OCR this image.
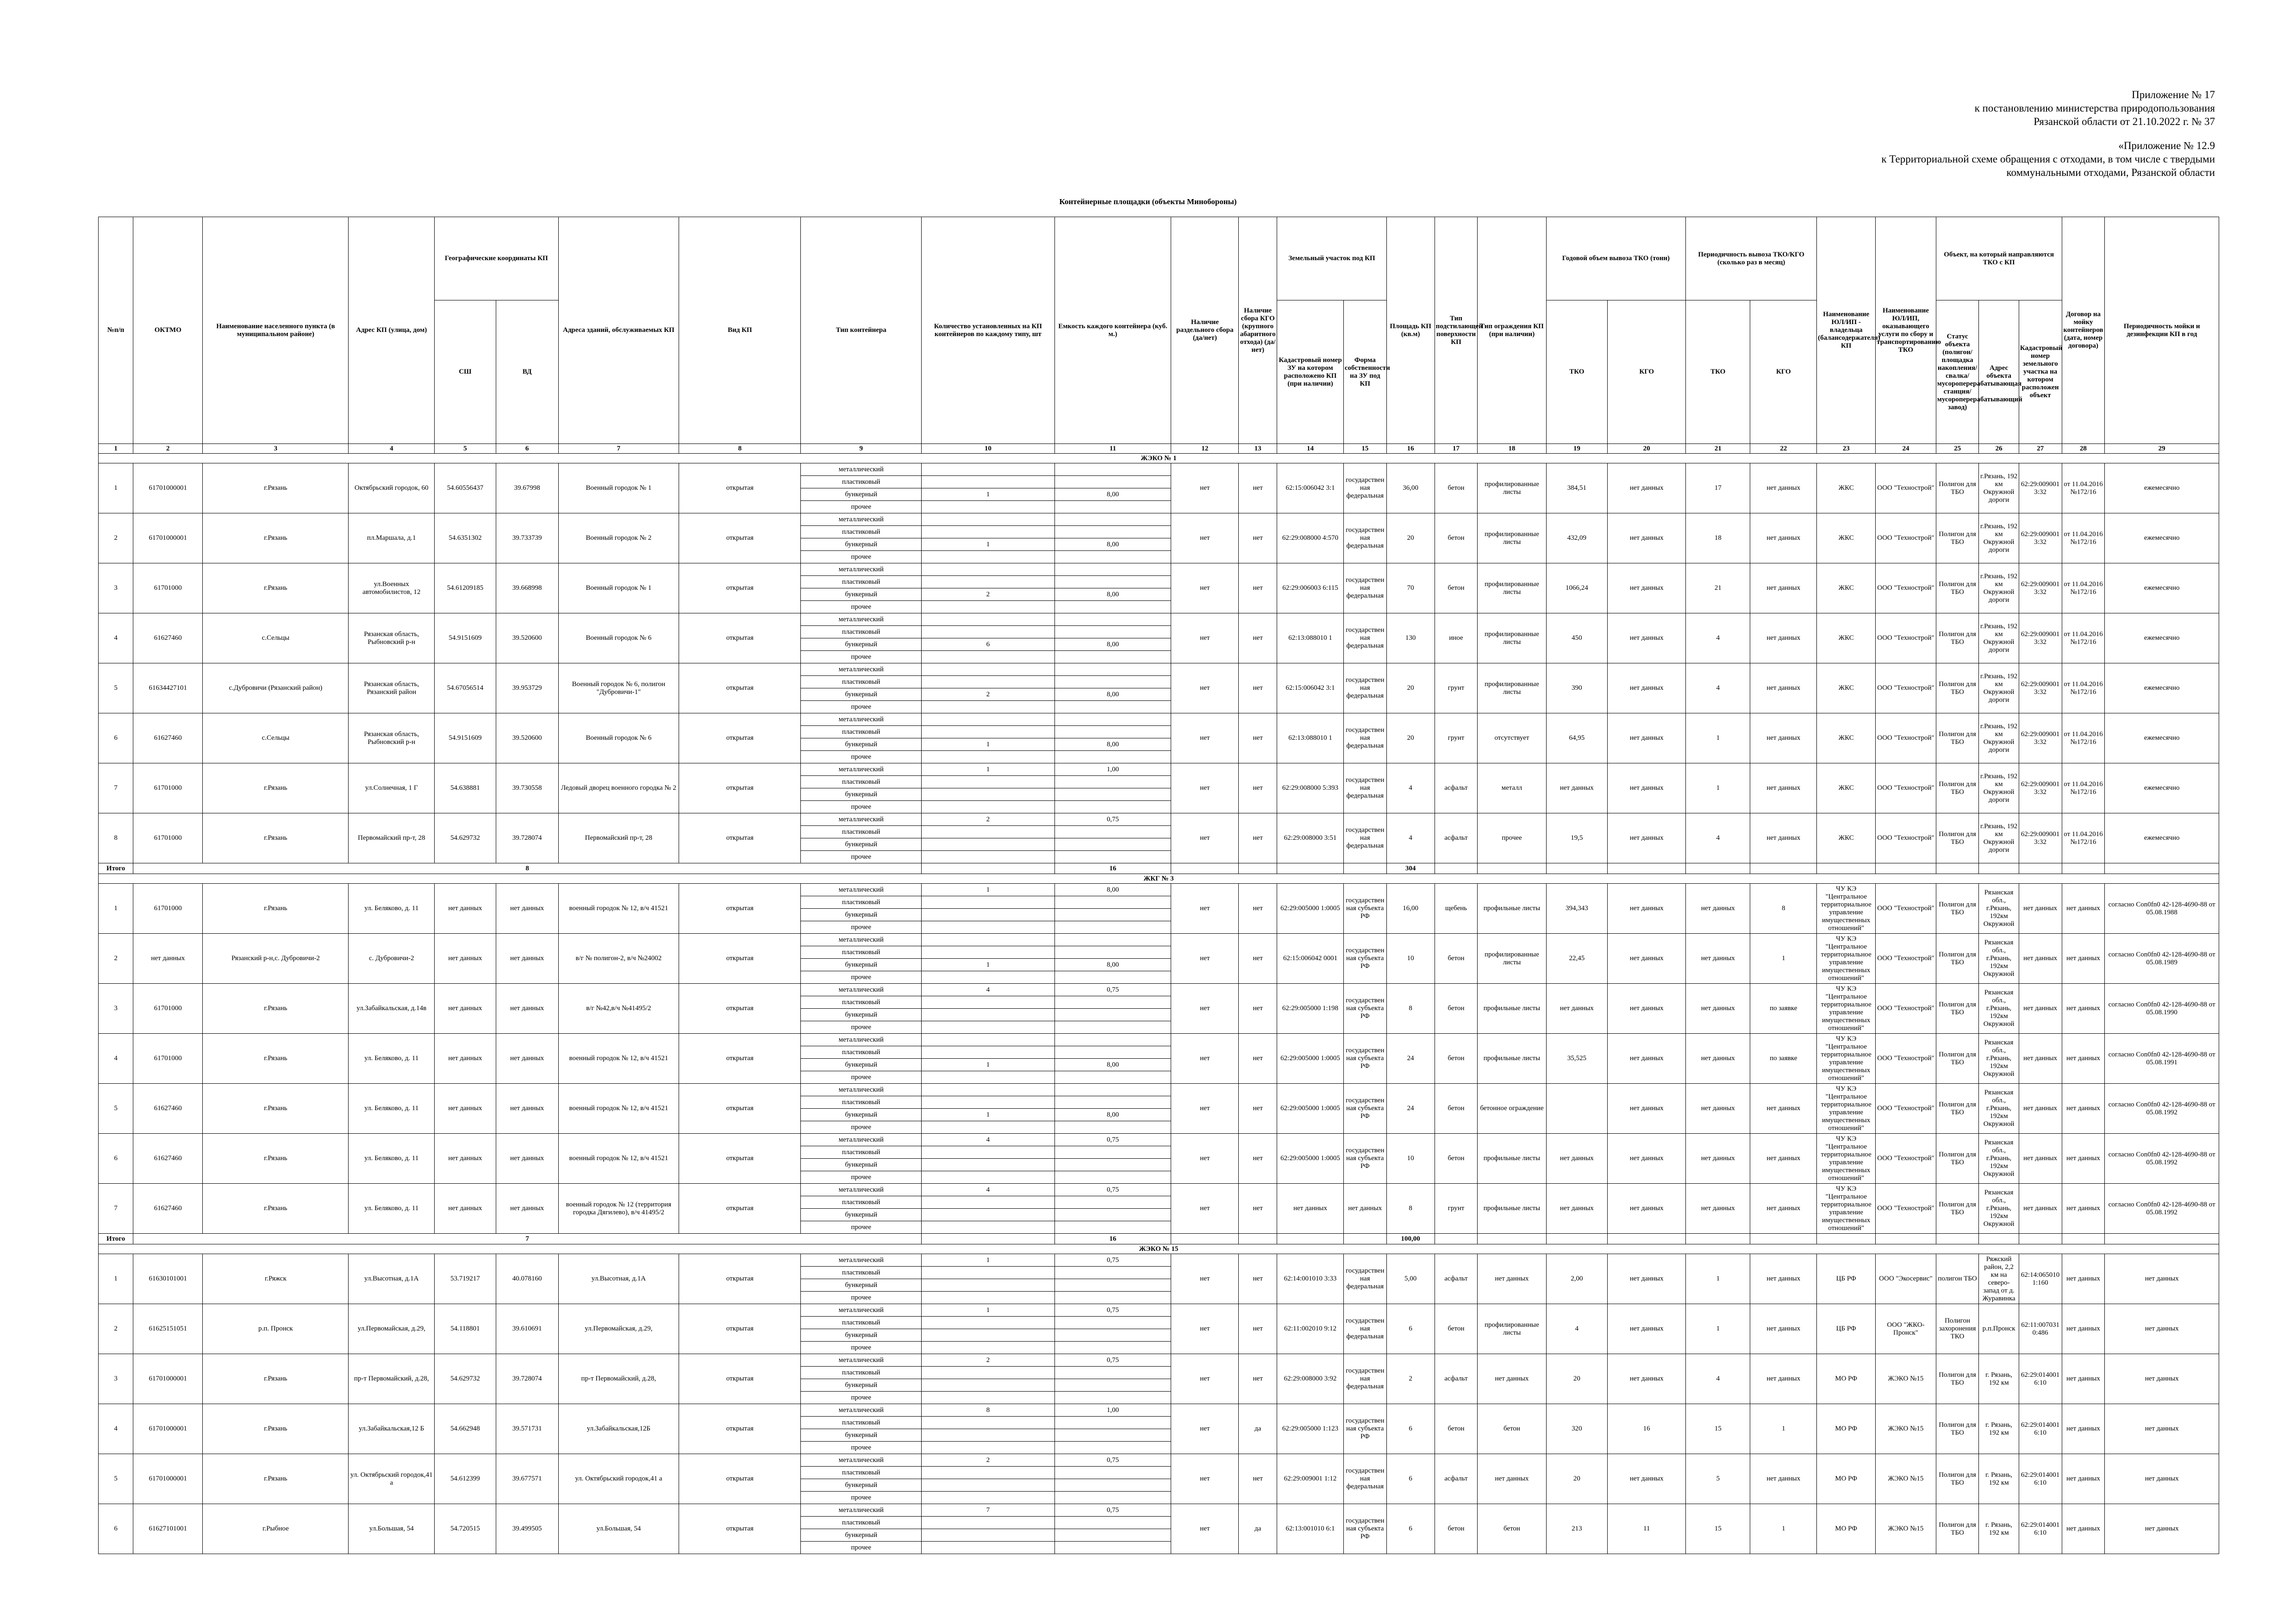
Приложение № 17
к постановлению министерства природопользования
Рязанской области от 21.10.2022 г. № 37
«Приложение № 12.9
к Территориальной схеме обращения с отходами, в том числе с твердыми
коммунальными отходами, Рязанской области
Контейнерные площадки (объекты Минобороны)
№п/п	ОКТМО	Наименование населенного пункта (в муниципальном районе)	Адрес КП (улица, дом)	Географические координаты КП		Адреса зданий, обслуживаемых КП	Вид КП	Тип контейнера	Количество установленных на КП контейнеров по каждому типу, шт	Емкость каждого контейнера (куб. м.)	Наличие раздельного сбора (да/нет)	Наличие сбора КГО (крупного абаритного отхода) (да/нет)	Земельный участок под КП		Площадь КП (кв.м)	Тип подстилающей поверхности КП	Тип ограждения КП (при наличии)	Годовой объем вывоза ТКО (тонн)		Периодичность вывоза ТКО/КГО (сколько раз в месяц)		Наименование ЮЛ/ИП - владельца (балансодержателя) КП	Наименование ЮЛ/ИП, оказывающего услуги по сбору и транспортированию ТКО	Объект, на который направляются ТКО с КП			Договор на мойку контейнеров (дата, номер договора)	Периодичность мойки и дезинфекции КП в год
				СШ	ВД								Кадастровый номер ЗУ на котором расположено КП (при наличии)	Форма собственности на ЗУ под КП				ТКО	КГО	ТКО	КГО			Статус объекта (полигон/площадка накопления/свалка/мусороперерабатывающая станция/мусороперерабатывающий завод)	Адрес объекта	Кадастровый номер земельного участка на котором расположен объект		
1	2	3	4	5	6	7	8	9	10	11	12	13	14	15	16	17	18	19	20	21	22	23	24	25	26	27	28	29
ЖЭКО № 1																												
1	61701000001	г.Рязань	Октябрьский городок, 60	54.60556437	39.67998	Военный городок № 1	открытая	металлический			нет	нет	62:15:006042 3:1	государственная федеральная	36,00	бетон	профилированные листы	384,51	нет данных	17	нет данных	ЖКС	ООО "Технострой"	Полигон для ТБО	г.Рязань, 192 км Окружной дороги	62:29:0090013:32	от 11.04.2016 №172/16	ежемесячно
								пластиковый																				
								бункерный	1	8,00																		
								прочее																				
2	61701000001	г.Рязань	пл.Маршала, д.1	54.6351302	39.733739	Военный городок № 2	открытая	металлический			нет	нет	62:29:008000 4:570	государственная федеральная	20	бетон	профилированные листы	432,09	нет данных	18	нет данных	ЖКС	ООО "Технострой"	Полигон для ТБО	г.Рязань, 192 км Окружной дороги	62:29:0090013:32	от 11.04.2016 №172/16	ежемесячно
								пластиковый																				
								бункерный	1	8,00																		
								прочее																				
3	61701000	г.Рязань	ул.Военных автомобилистов, 12	54.61209185	39.668998	Военный городок № 1	открытая	металлический			нет	нет	62:29:006003 6:115	государственная федеральная	70	бетон	профилированные листы	1066,24	нет данных	21	нет данных	ЖКС	ООО "Технострой"	Полигон для ТБО	г.Рязань, 192 км Окружной дороги	62:29:0090013:32	от 11.04.2016 №172/16	ежемесячно
								пластиковый																				
								бункерный	2	8,00																		
								прочее																				
4	61627460	с.Сельцы	Рязанская область, Рыбновский р-н	54.9151609	39.520600	Военный городок № 6	открытая	металлический			нет	нет	62:13:088010 1	государственная федеральная	130	иное	профилированные листы	450	нет данных	4	нет данных	ЖКС	ООО "Технострой"	Полигон для ТБО	г.Рязань, 192 км Окружной дороги	62:29:0090013:32	от 11.04.2016 №172/16	ежемесячно
								пластиковый																				
								бункерный	6	8,00																		
								прочее																				
5	61634427101	с.Дубровичи (Рязанский район)	Рязанская область, Рязанский район	54.67056514	39.953729	Военный городок № 6, полигон "Дубровичи-1"	открытая	металлический			нет	нет	62:15:006042 3:1	государственная федеральная	20	грунт	профилированные листы	390	нет данных	4	нет данных	ЖКС	ООО "Технострой"	Полигон для ТБО	г.Рязань, 192 км Окружной дороги	62:29:0090013:32	от 11.04.2016 №172/16	ежемесячно
								пластиковый																				
								бункерный	2	8,00																		
								прочее																				
6	61627460	с.Сельцы	Рязанская область, Рыбновский р-н	54.9151609	39.520600	Военный городок № 6	открытая	металлический			нет	нет	62:13:088010 1	государственная федеральная	20	грунт	отсутствует	64,95	нет данных	1	нет данных	ЖКС	ООО "Технострой"	Полигон для ТБО	г.Рязань, 192 км Окружной дороги	62:29:0090013:32	от 11.04.2016 №172/16	ежемесячно
								пластиковый																				
								бункерный	1	8,00																		
								прочее																				
7	61701000	г.Рязань	ул.Солнечная, 1 Г	54.638881	39.730558	Ледовый дворец военного городка № 2	открытая	металлический	1	1,00	нет	нет	62:29:008000 5:393	государственная федеральная	4	асфальт	металл	нет данных	нет данных	1	нет данных	ЖКС	ООО "Технострой"	Полигон для ТБО	г.Рязань, 192 км Окружной дороги	62:29:0090013:32	от 11.04.2016 №172/16	ежемесячно
								пластиковый																				
								бункерный																				
								прочее																				
8	61701000	г.Рязань	Первомайский пр-т, 28	54.629732	39.728074	Первомайский пр-т, 28	открытая	металлический	2	0,75	нет	нет	62:29:008000 3:51	государственная федеральная	4	асфальт	прочее	19,5	нет данных	4	нет данных	ЖКС	ООО "Технострой"	Полигон для ТБО	г.Рязань, 192 км Окружной дороги	62:29:0090013:32	от 11.04.2016 №172/16	ежемесячно
								пластиковый																				
								бункерный																				
								прочее																				
Итого	8									16					304													
ЖКГ № 3																												
1	61701000	г.Рязань	ул. Беляково, д. 11	нет данных	нет данных	военный городок № 12, в/ч 41521	открытая	металлический	1	8,00	нет	нет	62:29:005000 1:0005	государственная субъекта РФ	16,00	щебень	профильные листы	394,343	нет данных	нет данных	8	ЧУ КЭ "Центральное территориальное управление имущественных отношений"	ООО "Технострой"	Полигон для ТБО	Рязанская обл., г.Рязань, 192км Окружной	нет данных	нет данных	согласно Con0fn0 42-128-4690-88 от 05.08.1988
								пластиковый																				
								бункерный																				
								прочее																				
2	нет данных	Рязанский р-н,с. Дубровичи-2	с. Дубровичи-2	нет данных	нет данных	в/г № полигон-2, в/ч №24002	открытая	металлический			нет	нет	62:15:006042 0001	государственная субъекта РФ	10	бетон	профилированные листы	22,45	нет данных	нет данных	1	ЧУ КЭ "Центральное территориальное управление имущественных отношений"	ООО "Технострой"	Полигон для ТБО	Рязанская обл., г.Рязань, 192км Окружной	нет данных	нет данных	согласно Con0fn0 42-128-4690-88 от 05.08.1989
								пластиковый																				
								бункерный	1	8,00																		
								прочее																				
3	61701000	г.Рязань	ул.Забайкальская, д.14в	нет данных	нет данных	в/г №42,в/ч №41495/2	открытая	металлический	4	0,75	нет	нет	62:29:005000 1:198	государственная субъекта РФ	8	бетон	профильные листы	нет данных	нет данных	нет данных	по заявке	ЧУ КЭ "Центральное территориальное управление имущественных отношений"	ООО "Технострой"	Полигон для ТБО	Рязанская обл., г.Рязань, 192км Окружной	нет данных	нет данных	согласно Con0fn0 42-128-4690-88 от 05.08.1990
								пластиковый																				
								бункерный																				
								прочее																				
4	61701000	г.Рязань	ул. Беляково, д. 11	нет данных	нет данных	военный городок № 12, в/ч 41521	открытая	металлический			нет	нет	62:29:005000 1:0005	государственная субъекта РФ	24	бетон	профильные листы	35,525	нет данных	нет данных	по заявке	ЧУ КЭ "Центральное территориальное управление имущественных отношений"	ООО "Технострой"	Полигон для ТБО	Рязанская обл., г.Рязань, 192км Окружной	нет данных	нет данных	согласно Con0fn0 42-128-4690-88 от 05.08.1991
								пластиковый																				
								бункерный	1	8,00																		
								прочее																				
5	61627460	г.Рязань	ул. Беляково, д. 11	нет данных	нет данных	военный городок № 12, в/ч 41521	открытая	металлический			нет	нет	62:29:005000 1:0005	государственная субъекта РФ	24	бетон	бетонное ограждение		нет данных	нет данных	нет данных	ЧУ КЭ "Центральное территориальное управление имущественных отношений"	ООО "Технострой"	Полигон для ТБО	Рязанская обл., г.Рязань, 192км Окружной	нет данных	нет данных	согласно Con0fn0 42-128-4690-88 от 05.08.1992
								пластиковый																				
								бункерный	1	8,00																		
								прочее																				
6	61627460	г.Рязань	ул. Беляково, д. 11	нет данных	нет данных	военный городок № 12, в/ч 41521	открытая	металлический	4	0,75	нет	нет	62:29:005000 1:0005	государственная субъекта РФ	10	бетон	профильные листы	нет данных	нет данных	нет данных	нет данных	ЧУ КЭ "Центральное территориальное управление имущественных отношений"	ООО "Технострой"	Полигон для ТБО	Рязанская обл., г.Рязань, 192км Окружной	нет данных	нет данных	согласно Con0fn0 42-128-4690-88 от 05.08.1992
								пластиковый																				
								бункерный																				
								прочее																				
7	61627460	г.Рязань	ул. Беляково, д. 11	нет данных	нет данных	военный городок № 12 (территория городка Дягилево), в/ч 41495/2	открытая	металлический	4	0,75	нет	нет	нет данных	нет данных	8	грунт	профильные листы	нет данных	нет данных	нет данных	нет данных	ЧУ КЭ "Центральное территориальное управление имущественных отношений"	ООО "Технострой"	Полигон для ТБО	Рязанская обл., г.Рязань, 192км Окружной	нет данных	нет данных	согласно Con0fn0 42-128-4690-88 от 05.08.1992
								пластиковый																				
								бункерный																				
								прочее																				
Итого	7									16					100,00													
ЖЭКО № 15																												
1	61630101001	г.Ряжск	ул.Высотная, д.1А	53.719217	40.078160	ул.Высотная, д.1А	открытая	металлический	1	0,75	нет	нет	62:14:001010 3:33	государственная федеральная	5,00	асфальт	нет данных	2,00	нет данных	1	нет данных	ЦБ РФ	ООО "Экосервис"	полигон ТБО	Ряжский район, 2,2 км на северо-запад от д. Журавинка	62:14:0650101:160	нет данных	нет данных
								пластиковый																				
								бункерный																				
								прочее																				
2	61625151051	р.п. Пронск	ул.Первомайская, д.29,	54.118801	39.610691	ул.Первомайская, д.29,	открытая	металлический	1	0,75	нет	нет	62:11:002010 9:12	государственная федеральная	6	бетон	профилированные листы	4	нет данных	1	нет данных	ЦБ РФ	ООО "ЖКО-Пронск"	Полигон захоронения ТКО	р.п.Пронск	62:11:0070310:486	нет данных	нет данных
								пластиковый																				
								бункерный																				
								прочее																				
3	61701000001	г.Рязань	пр-т Первомайский, д.28,	54.629732	39.728074	пр-т Первомайский, д.28,	открытая	металлический	2	0,75	нет	нет	62:29:008000 3:92	государственная федеральная	2	асфальт	нет данных	20	нет данных	4	нет данных	МО РФ	ЖЭКО №15	Полигон для ТБО	г. Рязань, 192 км	62:29:0140016:10	нет данных	нет данных
								пластиковый																				
								бункерный																				
								прочее																				
4	61701000001	г.Рязань	ул.Забайкальская,12 Б	54.662948	39.571731	ул.Забайкальская,12Б	открытая	металлический	8	1,00	нет	да	62:29:005000 1:123	государственная субъекта РФ	6	бетон	бетон	320	16	15	1	МО РФ	ЖЭКО №15	Полигон для ТБО	г. Рязань, 192 км	62:29:0140016:10	нет данных	нет данных
								пластиковый																				
								бункерный																				
								прочее																				
5	61701000001	г.Рязань	ул. Октябрьский городок,41 а	54.612399	39.677571	ул. Октябрьский городок,41 а	открытая	металлический	2	0,75	нет	нет	62:29:009001 1:12	государственная федеральная	6	асфальт	нет данных	20	нет данных	5	нет данных	МО РФ	ЖЭКО №15	Полигон для ТБО	г. Рязань, 192 км	62:29:0140016:10	нет данных	нет данных
								пластиковый																				
								бункерный																				
								прочее																				
6	61627101001	г.Рыбное	ул.Большая, 54	54.720515	39.499505	ул.Большая, 54	открытая	металлический	7	0,75	нет	да	62:13:001010 6:1	государственная субъекта РФ	6	бетон	бетон	213	11	15	1	МО РФ	ЖЭКО №15	Полигон для ТБО	г. Рязань, 192 км	62:29:0140016:10	нет данных	нет данных
								пластиковый																				
								бункерный																				
								прочее																				
